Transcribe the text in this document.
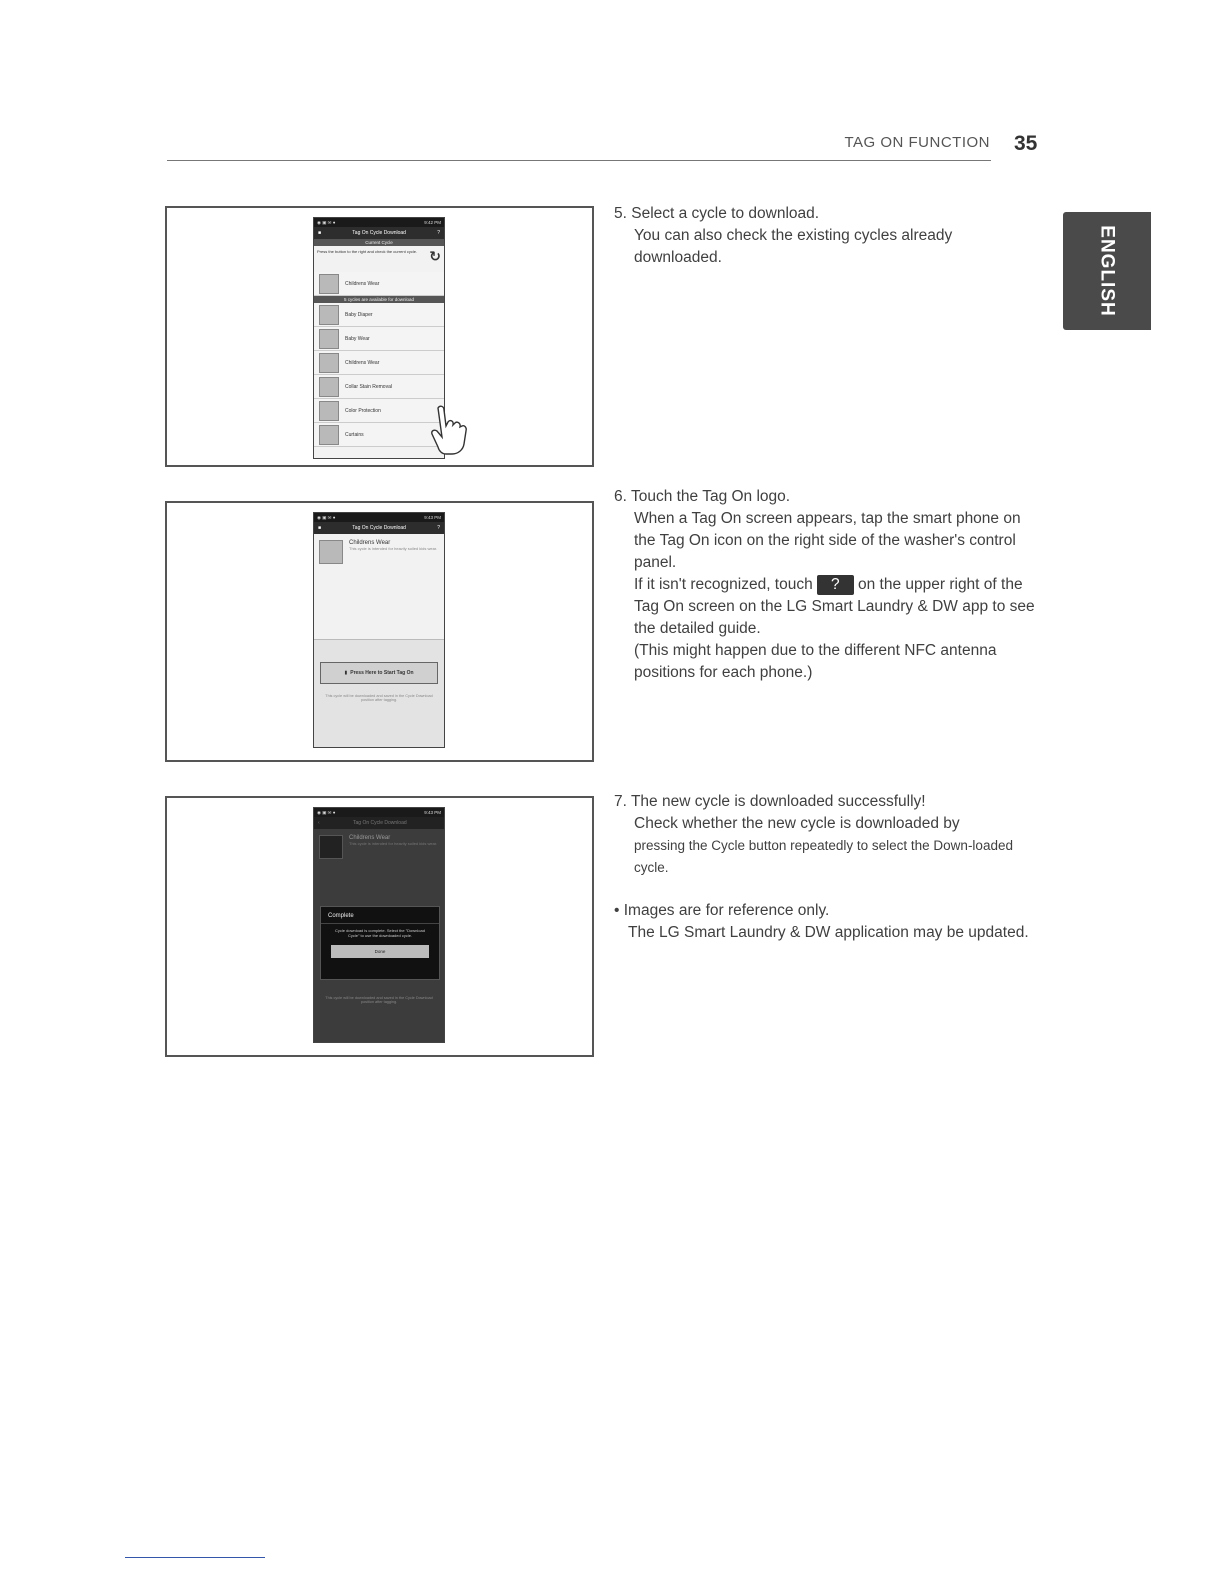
TAG ON FUNCTION 35
ENGLISH
◉ ▣ ✉ ●	9:42 PM
■	Tag On Cycle Download	?
Current Cycle
Press the button to the right and check the current cycle. ↻
Childrens Wear
5 cycles are available for download
Baby Diaper
Baby Wear
Childrens Wear
Collar Stain Removal
Color Protection
Curtains
◉ ▣ ✉ ●	9:43 PM
■	Tag On Cycle Download	?
Childrens Wear
This cycle is intended for heavily soiled kids wear.
▮ Press Here to Start Tag On
This cycle will be downloaded and saved in the Cycle Download position after tagging.
◉ ▣ ✉ ●	9:43 PM
‹	Tag On Cycle Download
Childrens Wear
This cycle is intended for heavily soiled kids wear.
Complete
Cycle download is complete. Select the "Download Cycle" to use the downloaded cycle.
Done
This cycle will be downloaded and saved in the Cycle Download position after tagging.

5. Select a cycle to download.

You can also check the existing cycles already downloaded.

6. Touch the Tag On logo.

When a Tag On screen appears, tap the smart phone on the Tag On icon on the right side of the washer's control panel.

If it isn't recognized, touch ? on the upper right of the Tag On screen on the LG Smart Laundry & DW app to see the detailed guide.

(This might happen due to the different NFC antenna positions for each phone.)

7. The new cycle is downloaded successfully!

Check whether the new cycle is downloaded by

pressing the Cycle button repeatedly to select the Down-loaded cycle.

• Images are for reference only.

The LG Smart Laundry & DW application may be updated.
